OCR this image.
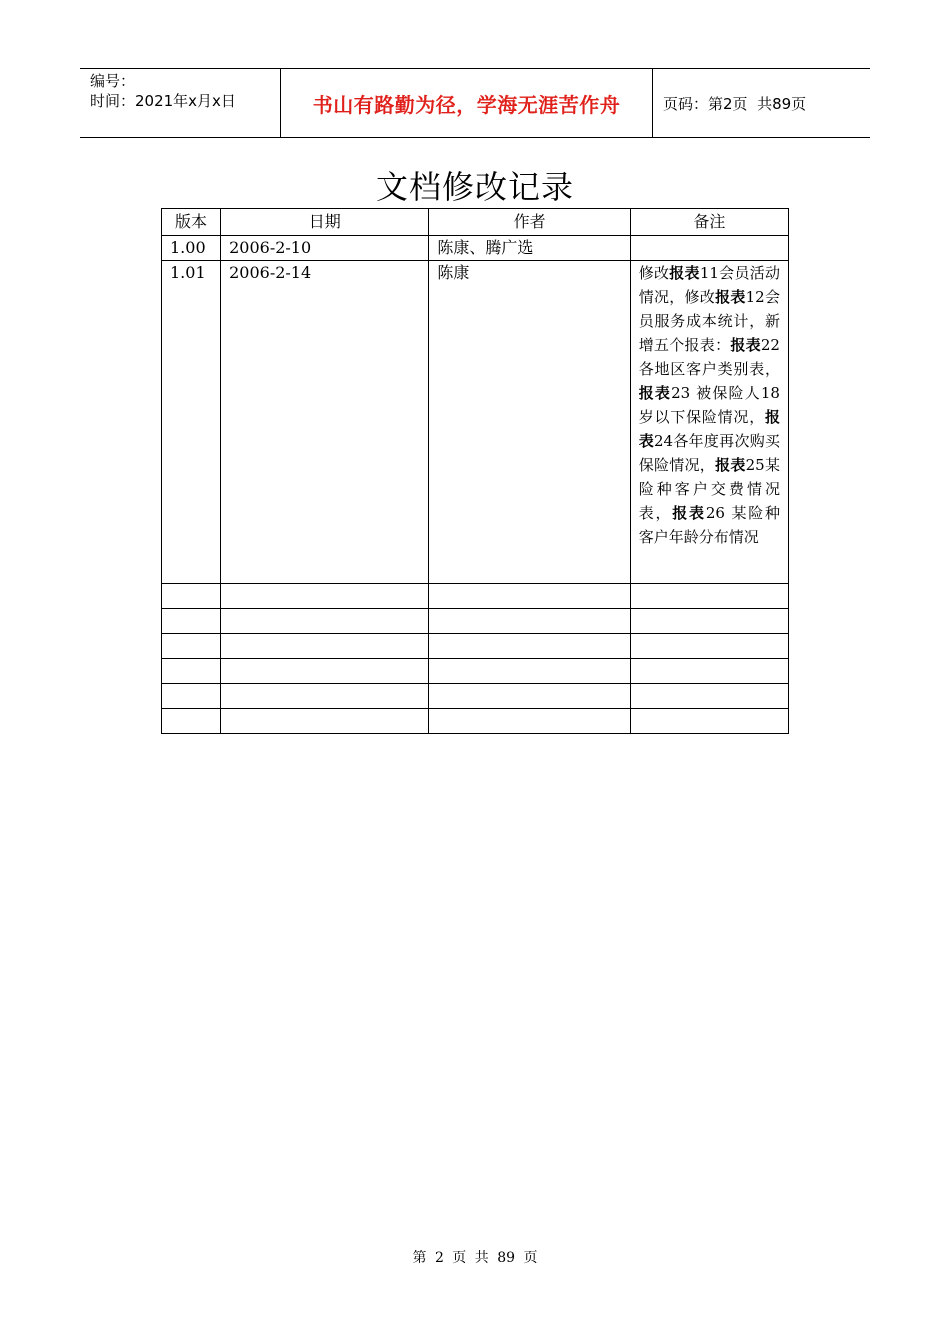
编号：
时间：2021年x月x日	书山有路勤为径，学海无涯苦作舟	页码：第2页  共89页
文档修改记录
版本	日期	作者	备注
1.00	2006-2-10	陈康、腾广选	
1.01	2006-2-14	陈康	修改报表11会员活动情况，修改报表12会员服务成本统计，新增五个报表：报表22各地区客户类别表，报表23 被保险人18岁以下保险情况，报表24各年度再次购买保险情况，报表25某险种客户交费情况表，报表26 某险种客户年龄分布情况

第 2 页 共 89 页
